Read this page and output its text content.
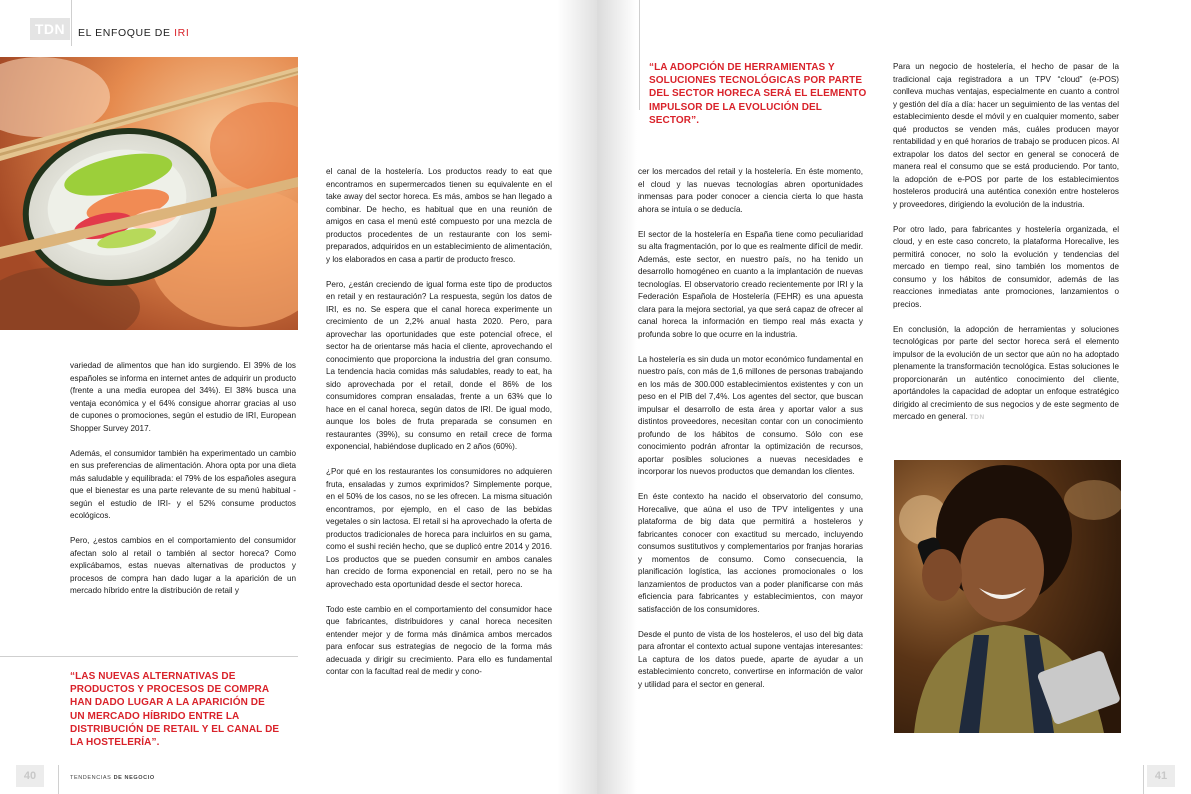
TDN	EL ENFOQUE DE IRI

variedad de alimentos que han ido surgiendo. El 39% de los españoles se informa en internet antes de adquirir un producto (frente a una media europea del 34%). El 38% busca una ventaja económica y el 64% consigue ahorrar gracias al uso de cupones o promociones, según el estudio de IRI, European Shopper Survey 2017.

Además, el consumidor también ha experimentado un cambio en sus preferencias de alimentación. Ahora opta por una dieta más saludable y equilibrada: el 79% de los españoles asegura que el bienestar es una parte relevante de su menú habitual -según el estudio de IRI- y el 52% consume productos ecológicos.

Pero, ¿estos cambios en el comportamiento del consumidor afectan solo al retail o también al sector horeca? Como explicábamos, estas nuevas alternativas de productos y procesos de compra han dado lugar a la aparición de un mercado híbrido entre la distribución de retail y

el canal de la hostelería. Los productos ready to eat que encontramos en supermercados tienen su equivalente en el take away del sector horeca. Es más, ambos se han llegado a combinar. De hecho, es habitual que en una reunión de amigos en casa el menú esté compuesto por una mezcla de productos procedentes de un restaurante con los semi-preparados, adquiridos en un establecimiento de alimentación, y los elaborados en casa a partir de producto fresco.

Pero, ¿están creciendo de igual forma este tipo de productos en retail y en restauración? La respuesta, según los datos de IRI, es no. Se espera que el canal horeca experimente un crecimiento de un 2,2% anual hasta 2020. Pero, para aprovechar las oportunidades que este potencial ofrece, el sector ha de orientarse más hacia el cliente, aprovechando el conocimiento que proporciona la industria del gran consumo. La tendencia hacia comidas más saludables, ready to eat, ha sido aprovechada por el retail, donde el 86% de los consumidores compran ensaladas, frente a un 63% que lo hace en el canal horeca, según datos de IRI. De igual modo, aunque los boles de fruta preparada se consumen en restaurantes (39%), su consumo en retail crece de forma exponencial, habiéndose duplicado en 2 años (60%).

¿Por qué en los restaurantes los consumidores no adquieren fruta, ensaladas y zumos exprimidos? Simplemente porque, en el 50% de los casos, no se les ofrecen. La misma situación encontramos, por ejemplo, en el caso de las bebidas vegetales o sin lactosa. El retail si ha aprovechado la oferta de productos tradicionales de horeca para incluirlos en su gama, como el sushi recién hecho, que se duplicó entre 2014 y 2016. Los productos que se pueden consumir en ambos canales han crecido de forma exponencial en retail, pero no se ha aprovechado esta oportunidad desde el sector horeca.

Todo este cambio en el comportamiento del consumidor hace que fabricantes, distribuidores y canal horeca necesiten entender mejor y de forma más dinámica ambos mercados para enfocar sus estrategias de negocio de la forma más adecuada y dirigir su crecimiento. Para ello es fundamental contar con la facultad real de medir y cono-

“LAS NUEVAS ALTERNATIVAS DE PRODUCTOS Y PROCESOS DE COMPRA HAN DADO LUGAR A LA APARICIÓN DE UN MERCADO HÍBRIDO ENTRE LA DISTRIBUCIÓN DE RETAIL Y EL CANAL DE LA HOSTELERÍA”.
40	TENDENCIAS DE NEGOCIO
“LA ADOPCIÓN DE HERRAMIENTAS Y SOLUCIONES TECNOLÓGICAS POR PARTE DEL SECTOR HORECA SERÁ EL ELEMENTO IMPULSOR DE LA EVOLUCIÓN DEL SECTOR”.

cer los mercados del retail y la hostelería. En éste momento, el cloud y las nuevas tecnologías abren oportunidades inmensas para poder conocer a ciencia cierta lo que hasta ahora se intuía o se deducía.

El sector de la hostelería en España tiene como peculiaridad su alta fragmentación, por lo que es realmente difícil de medir. Además, este sector, en nuestro país, no ha tenido un desarrollo homogéneo en cuanto a la implantación de nuevas tecnologías. El observatorio creado recientemente por IRI y la Federación Española de Hostelería (FEHR) es una apuesta clara para la mejora sectorial, ya que será capaz de ofrecer al canal horeca la información en tiempo real más exacta y profunda sobre lo que ocurre en la industria.

La hostelería es sin duda un motor económico fundamental en nuestro país, con más de 1,6 millones de personas trabajando en los más de 300.000 establecimientos existentes y con un peso en el PIB del 7,4%. Los agentes del sector, que buscan impulsar el desarrollo de esta área y aportar valor a sus distintos proveedores, necesitan contar con un conocimiento profundo de los hábitos de consumo. Sólo con ese conocimiento podrán afrontar la optimización de recursos, aportar posibles soluciones a nuevas necesidades e incorporar los nuevos productos que demandan los clientes.

En éste contexto ha nacido el observatorio del consumo, Horecalive, que aúna el uso de TPV inteligentes y una plataforma de big data que permitirá a hosteleros y fabricantes conocer con exactitud su mercado, incluyendo consumos sustitutivos y complementarios por franjas horarias y momentos de consumo. Como consecuencia, la planificación logística, las acciones promocionales o los lanzamientos de productos van a poder planificarse con más eficiencia para fabricantes y establecimientos, con mayor satisfacción de los consumidores.

Desde el punto de vista de los hosteleros, el uso del big data para afrontar el contexto actual supone ventajas interesantes: La captura de los datos puede, aparte de ayudar a un establecimiento concreto, convertirse en información de valor y utilidad para el sector en general.

Para un negocio de hostelería, el hecho de pasar de la tradicional caja registradora a un TPV “cloud” (e-POS) conlleva muchas ventajas, especialmente en cuanto a control y gestión del día a día: hacer un seguimiento de las ventas del establecimiento desde el móvil y en cualquier momento, saber qué productos se venden más, cuáles producen mayor rentabilidad y en qué horarios de trabajo se producen picos. Al extrapolar los datos del sector en general se conocerá de manera real el consumo que se está produciendo. Por tanto, la adopción de e-POS por parte de los establecimientos hosteleros producirá una auténtica conexión entre hosteleros y proveedores, dirigiendo la evolución de la industria.

Por otro lado, para fabricantes y hostelería organizada, el cloud, y en este caso concreto, la plataforma Horecalive, les permitirá conocer, no solo la evolución y tendencias del mercado en tiempo real, sino también los momentos de consumo y los hábitos de consumidor, además de las reacciones inmediatas ante promociones, lanzamientos o precios.

En conclusión, la adopción de herramientas y soluciones tecnológicas por parte del sector horeca será el elemento impulsor de la evolución de un sector que aún no ha adoptado plenamente la transformación tecnológica. Estas soluciones le proporcionarán un auténtico conocimiento del cliente, aportándoles la capacidad de adoptar un enfoque estratégico dirigido al crecimiento de sus negocios y de este segmento de mercado en general. TDN

41
